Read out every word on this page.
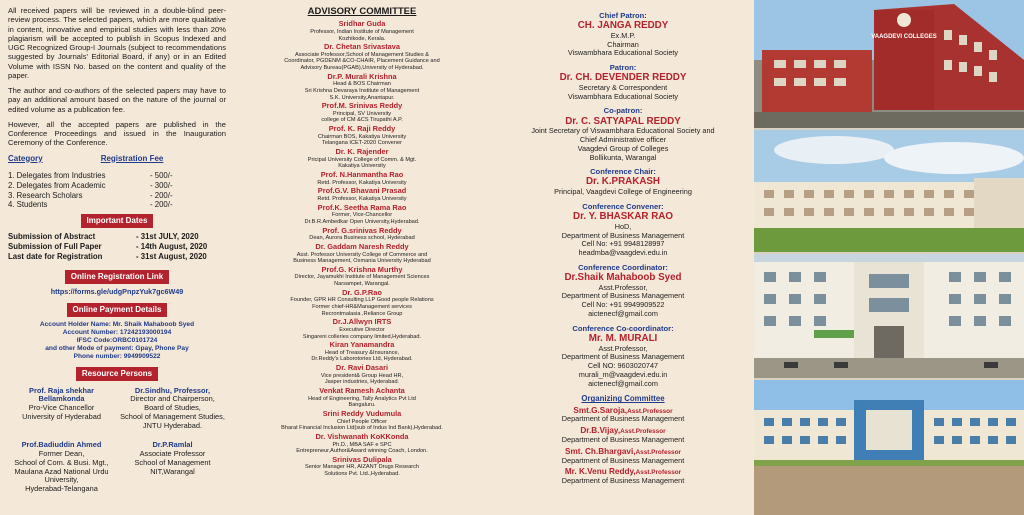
All received papers will be reviewed in a double-blind peer-review process. The selected papers, which are more qualitative in content, innovative and empirical studies with less than 20% plagiarism will be accepted to publish in Scopus Indexed and UGC Recognized Group-I Journals (subject to recommendations suggested by Journals' Editorial Board, if any) or in an Edited Volume with ISSN No. based on the content and quality of the paper.

The author and co-authors of the selected papers may have to pay an additional amount based on the nature of the journal or edited volume as a publication fee.

However, all the accepted papers are published in the Conference Proceedings and issued in the Inauguration Ceremony of the Conference.

Category	Registration Fee
1. Delegates from Industries	- 500/-
2. Delegates from Academic	- 300/-
3. Research Scholars	- 200/-
4. Students	- 200/-
Important Dates
Submission of Abstract	- 31st JULY, 2020
Submission of Full Paper	- 14th August, 2020
Last date for Registration	- 31st August, 2020
Online Registration Link
https://forms.gle/udgPnpzYuk7gc6W49
Online Payment Details
Account Holder Name: Mr. Shaik Mahaboob Syed
Account Number: 17242193000194
IFSC Code:ORBC0101724
and other Mode of payment: Gpay, Phone Pay
Phone number: 9949909522
Resource Persons
Prof. Raja shekhar Bellamkonda
Pro-Vice Chancellor
University of Hyderabad
Dr.Sindhu, Professor,
Director and Chairperson,
Board of Studies,
School of Management Studies,
JNTU Hyderabad.
Prof.Badiuddin Ahmed
Former Dean,
School of Com. & Busi. Mgt.,
Maulana Azad National Urdu University,
Hyderabad-Telangana
Dr.P.Ramlal
Associate Professor
School of Management
NIT,Warangal
ADVISORY COMMITTEE
Sridhar Guda
Professor, Indian Institute of Management
Kozhikode, Kerala.
Dr. Chetan Srivastava
Associate Professor,School of Management Studies &
Coordinator, PGDENM &CO-CHAIR, Placement Guidance and
Advisory Bureau(PGAB),University of Hyderabad.
Dr.P. Murali Krishna
Head & BOS Chairman
Sri Krishna Devaraya Institute of Management
S.K. University,Anantapur.
Prof.M. Srinivas Reddy
Principal, SV University
college of CM &CS Tirupathi A.P.
Prof. K. Raji Reddy
Chairman BOS, Kakatiya University
Telangana ICET-2020 Convener
Dr. K. Rajender
Pricipal University College of Comm. & Mgt.
Kakatiya University
Prof. N.Hanmantha Rao
Retd. Professor, Kakatiya University
Prof.G.V. Bhavani Prasad
Retd. Professor, Kakatiya University
Prof.K. Seetha Rama Rao
Former, Vice-Chancellor
Dr.B.R.Ambedkar Open University,Hyderabad.
Prof. G.srinivas Reddy
Dean, Aurora Business school, Hyderabad
Dr. Gaddam Naresh Reddy
Asst. Professor University College of Commerce and
Business Management, Osmania University Hyderabad
Prof.G. Krishna Murthy
Director, Jayamukhi Institute of Management Sciences
Narsampet, Warangal.
Dr. G.P.Rao
Founder, GPR HR Consulting LLP Good people Relations
Former chief-HR&Management services
Recrontmalasia ,Reliance Group
Dr.J.Allwyn IRTS
Executive Director
Singareni colleries company limited,Hyderabad.
Kiran Yanamandra
Head of Treasury &Insurance,
Dr.Reddy's Laborotories Ltd, Hyderabad.
Dr. Ravi Dasari
Vice president& Group Head HR,
Jasper industries, Hyderabad.
Venkat Ramesh Achanta
Head of Engineering, Tally Analytics Pvt Ltd
Bangaluru.
Srini Reddy Vudumula
Chief People Officer
Bharat Financial Inclusion Ltd(sub of Indus Ind Bank),Hyderabad.
Dr. Vishwanath KoKKonda
Ph.D., MBA SAF e SPC
Entrepreneur,Author&Award winning Coach, London.
Srinivas Dulipala
Senior Manager HR, AIZANT Drugs Research
Solutions Pvt. Ltd.,Hyderabad.
Chief Patron:
CH. JANGA REDDY
Ex.M.P.
Chairman
Viswambhara Educational Society
Patron:
Dr. CH. DEVENDER REDDY
Secretary & Correspondent
Viswambhara Educational Society
Co-patron:
Dr. C. SATYAPAL REDDY
Joint Secretary of Viswambhara Educational Society and
Chief Administrative officer
Vaagdevi Group of Colleges
Bollikunta, Warangal
Conference Chair:
Dr. K.PRAKASH
Principal, Vaagdevi College of Engineering
Conference Convener:
Dr. Y. BHASKAR RAO
HoD,
Department of Business Management
Cell No: +91 9948128997
headmba@vaagdevi.edu.in
Conference Coordinator:
Dr.Shaik Mahaboob Syed
Asst.Professor,
Department of Business Management
Cell No: +91 9949909522
aictenecf@gmail.com
Conference Co-coordinator:
Mr. M. MURALI
Asst.Professor,
Department of Business Management
Cell NO: 9603020747
murali_m@vaagdevi.edu.in
aictenecf@gmail.com
Organizing Committee
Smt.G.Saroja,Asst.Professor
Department of Business Management
Dr.B.Vijay,Asst.Professor
Department of Business Management
Smt. Ch.Bhargavi,Asst.Professor
Department of Business Management
Mr. K.Venu Reddy,Asst.Professor
Department of Business Management
VAAGDEVI COLLEGES
